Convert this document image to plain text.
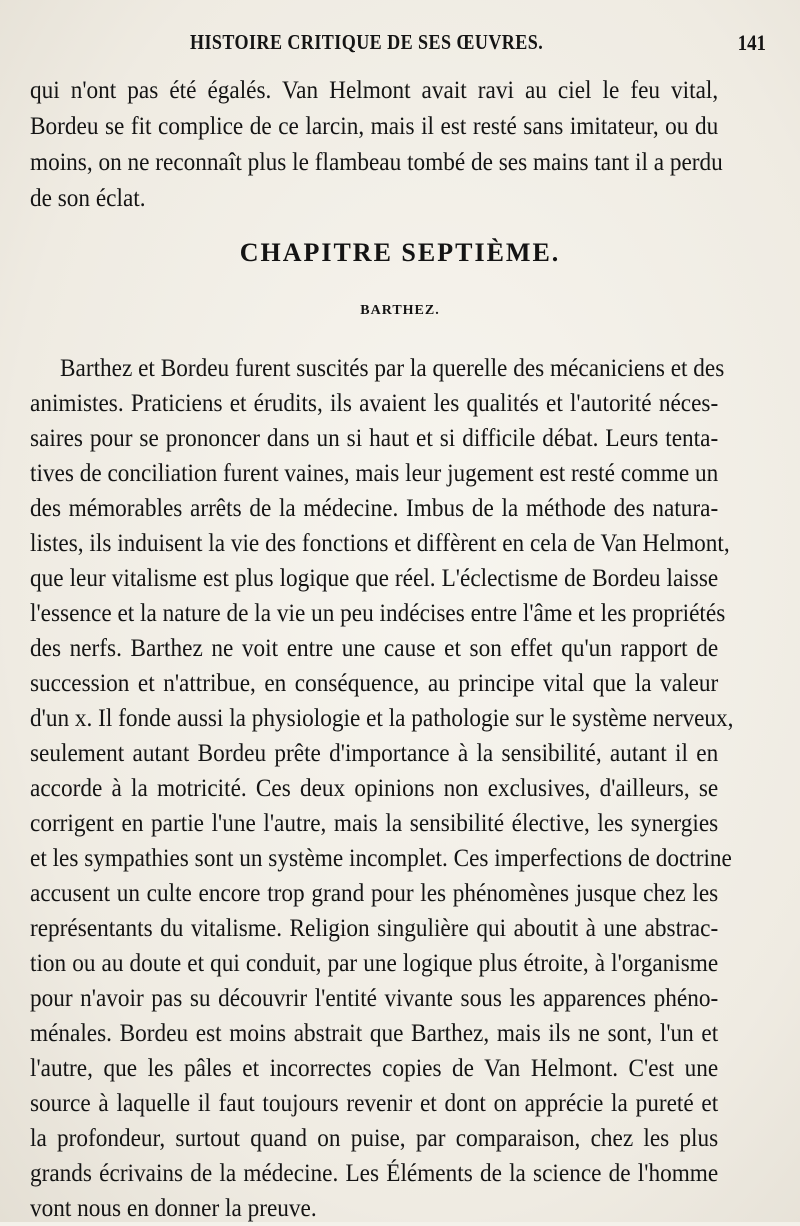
HISTOIRE CRITIQUE DE SES ŒUVRES.	141
qui n'ont pas été égalés. Van Helmont avait ravi au ciel le feu vital,
Bordeu se fit complice de ce larcin, mais il est resté sans imitateur, ou du
moins, on ne reconnaît plus le flambeau tombé de ses mains tant il a perdu
de son éclat.
CHAPITRE SEPTIÈME.
BARTHEZ.
Barthez et Bordeu furent suscités par la querelle des mécaniciens et des
animistes. Praticiens et érudits, ils avaient les qualités et l'autorité néces-
saires pour se prononcer dans un si haut et si difficile débat. Leurs tenta-
tives de conciliation furent vaines, mais leur jugement est resté comme un
des mémorables arrêts de la médecine. Imbus de la méthode des natura-
listes, ils induisent la vie des fonctions et diffèrent en cela de Van Helmont,
que leur vitalisme est plus logique que réel. L'éclectisme de Bordeu laisse
l'essence et la nature de la vie un peu indécises entre l'âme et les propriétés
des nerfs. Barthez ne voit entre une cause et son effet qu'un rapport de
succession et n'attribue, en conséquence, au principe vital que la valeur
d'un x. Il fonde aussi la physiologie et la pathologie sur le système nerveux,
seulement autant Bordeu prête d'importance à la sensibilité, autant il en
accorde à la motricité. Ces deux opinions non exclusives, d'ailleurs, se
corrigent en partie l'une l'autre, mais la sensibilité élective, les synergies
et les sympathies sont un système incomplet. Ces imperfections de doctrine
accusent un culte encore trop grand pour les phénomènes jusque chez les
représentants du vitalisme. Religion singulière qui aboutit à une abstrac-
tion ou au doute et qui conduit, par une logique plus étroite, à l'organisme
pour n'avoir pas su découvrir l'entité vivante sous les apparences phéno-
ménales. Bordeu est moins abstrait que Barthez, mais ils ne sont, l'un et
l'autre, que les pâles et incorrectes copies de Van Helmont. C'est une
source à laquelle il faut toujours revenir et dont on apprécie la pureté et
la profondeur, surtout quand on puise, par comparaison, chez les plus
grands écrivains de la médecine. Les Éléments de la science de l'homme
vont nous en donner la preuve.
